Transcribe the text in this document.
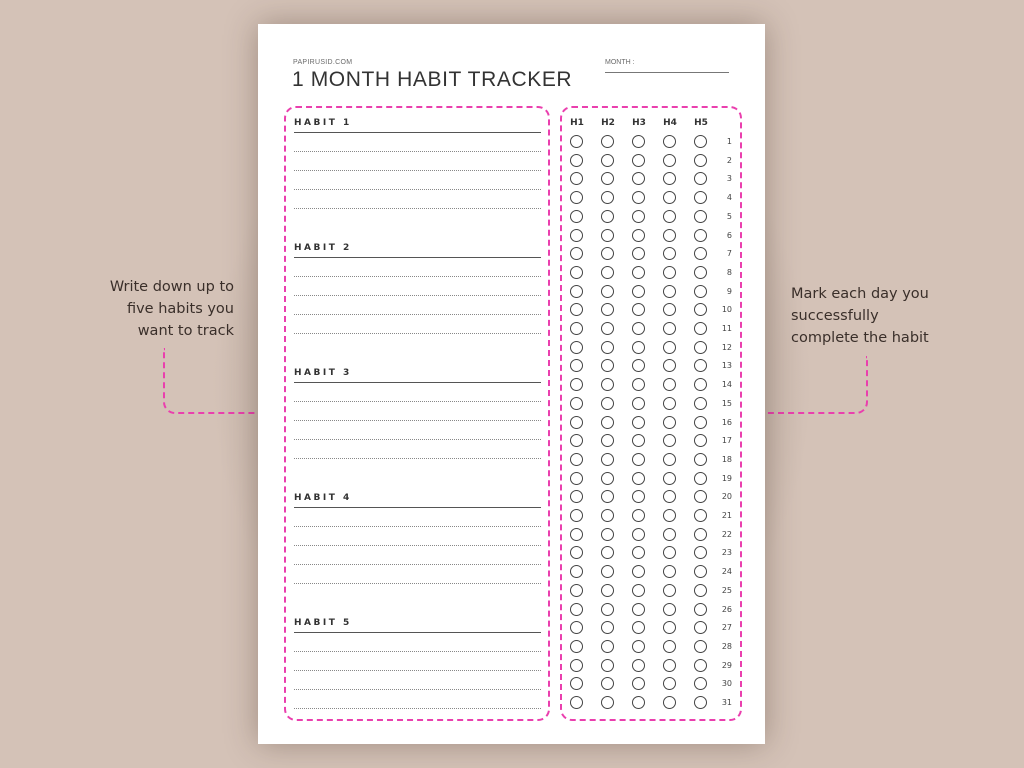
Write down up to
five habits you
want to track
Mark each day you
successfully
complete the habit
PAPIRUSID.COM
1 MONTH HABIT TRACKER
MONTH :
HABIT 1
HABIT 2
HABIT 3
HABIT 4
HABIT 5
H1	H2	H3	H4	H5
1
2
3
4
5
6
7
8
9
10
11
12
13
14
15
16
17
18
19
20
21
22
23
24
25
26
27
28
29
30
31
